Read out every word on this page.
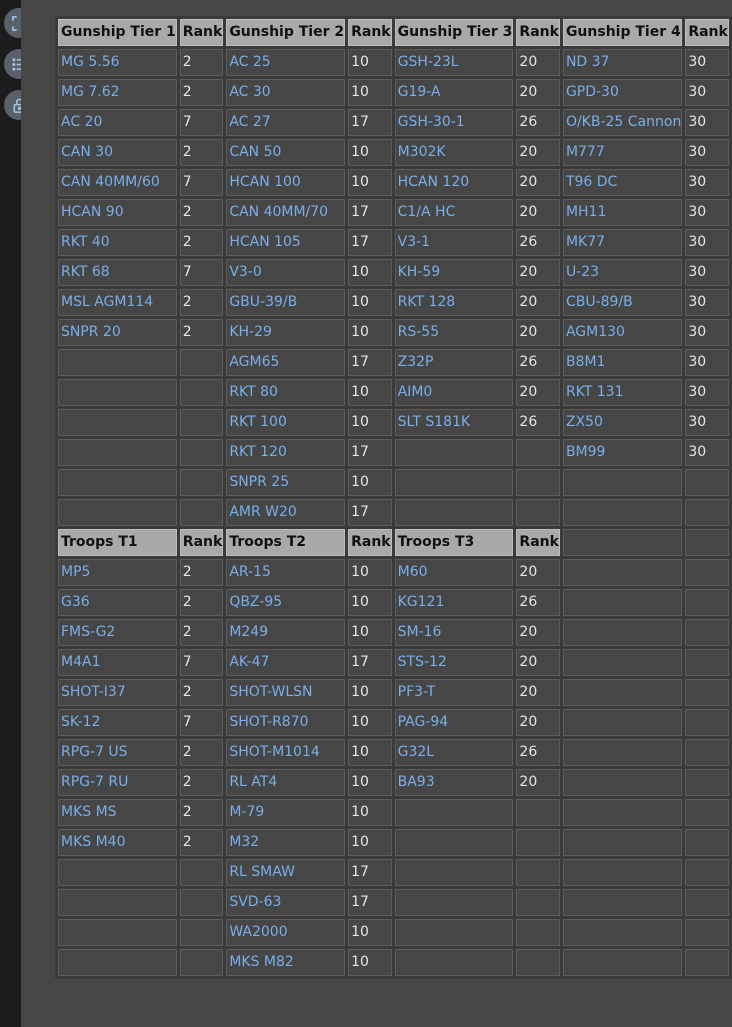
Gunship Tier 1	Rank	Gunship Tier 2	Rank	Gunship Tier 3	Rank	Gunship Tier 4	Rank
MG 5.56	2	AC 25	10	GSH-23L	20	ND 37	30
MG 7.62	2	AC 30	10	G19-A	20	GPD-30	30
AC 20	7	AC 27	17	GSH-30-1	26	O/KB-25 Cannon	30
CAN 30	2	CAN 50	10	M302K	20	M777	30
CAN 40MM/60	7	HCAN 100	10	HCAN 120	20	T96 DC	30
HCAN 90	2	CAN 40MM/70	17	C1/A HC	20	MH11	30
RKT 40	2	HCAN 105	17	V3-1	26	MK77	30
RKT 68	7	V3-0	10	KH-59	20	U-23	30
MSL AGM114	2	GBU-39/B	10	RKT 128	20	CBU-89/B	30
SNPR 20	2	KH-29	10	RS-55	20	AGM130	30
		AGM65	17	Z32P	26	B8M1	30
		RKT 80	10	AIM0	20	RKT 131	30
		RKT 100	10	SLT S181K	26	ZX50	30
		RKT 120	17			BM99	30
		SNPR 25	10				
		AMR W20	17				
Troops T1	Rank	Troops T2	Rank	Troops T3	Rank		
MP5	2	AR-15	10	M60	20		
G36	2	QBZ-95	10	KG121	26		
FMS-G2	2	M249	10	SM-16	20		
M4A1	7	AK-47	17	STS-12	20		
SHOT-I37	2	SHOT-WLSN	10	PF3-T	20		
SK-12	7	SHOT-R870	10	PAG-94	20		
RPG-7 US	2	SHOT-M1014	10	G32L	26		
RPG-7 RU	2	RL AT4	10	BA93	20		
MKS MS	2	M-79	10				
MKS M40	2	M32	10				
		RL SMAW	17				
		SVD-63	17				
		WA2000	10				
		MKS M82	10				
